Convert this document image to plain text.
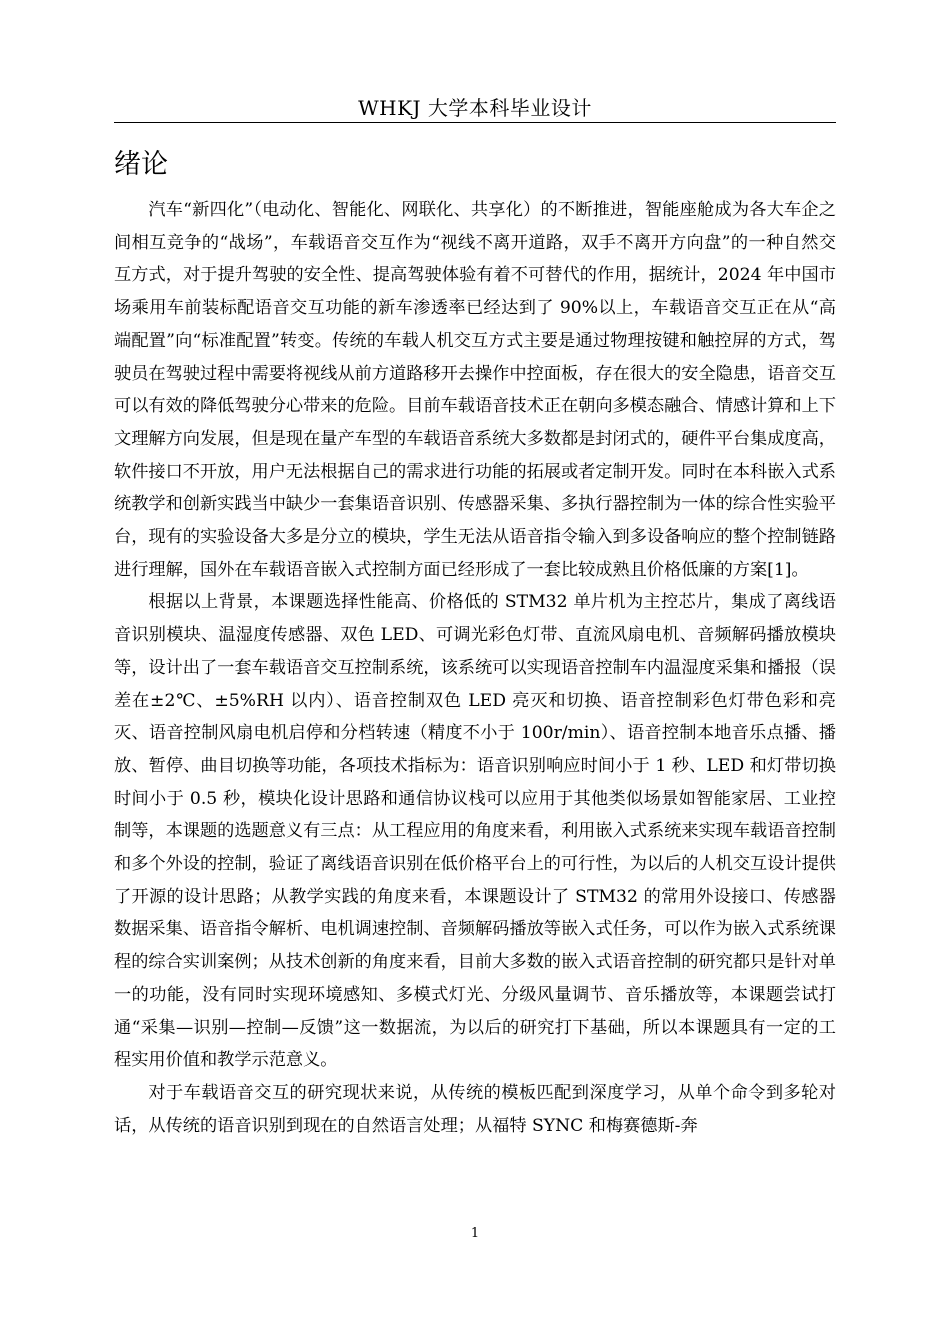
WHKJ 大学本科毕业设计
绪论

汽车“新四化”（电动化、智能化、网联化、共享化）的不断推进，智能座舱成为各大车企之间相互竞争的“战场”，车载语音交互作为“视线不离开道路，双手不离开方向盘”的一种自然交互方式，对于提升驾驶的安全性、提高驾驶体验有着不可替代的作用，据统计，2024 年中国市场乘用车前装标配语音交互功能的新车渗透率已经达到了 90%以上，车载语音交互正在从“高端配置”向“标准配置”转变。传统的车载人机交互方式主要是通过物理按键和触控屏的方式，驾驶员在驾驶过程中需要将视线从前方道路移开去操作中控面板，存在很大的安全隐患，语音交互可以有效的降低驾驶分心带来的危险。目前车载语音技术正在朝向多模态融合、情感计算和上下文理解方向发展，但是现在量产车型的车载语音系统大多数都是封闭式的，硬件平台集成度高，软件接口不开放，用户无法根据自己的需求进行功能的拓展或者定制开发。同时在本科嵌入式系统教学和创新实践当中缺少一套集语音识别、传感器采集、多执行器控制为一体的综合性实验平台，现有的实验设备大多是分立的模块，学生无法从语音指令输入到多设备响应的整个控制链路进行理解，国外在车载语音嵌入式控制方面已经形成了一套比较成熟且价格低廉的方案[1]。

根据以上背景，本课题选择性能高、价格低的 STM32 单片机为主控芯片，集成了离线语音识别模块、温湿度传感器、双色 LED、可调光彩色灯带、直流风扇电机、音频解码播放模块等，设计出了一套车载语音交互控制系统，该系统可以实现语音控制车内温湿度采集和播报（误差在±2℃、±5%RH 以内）、语音控制双色 LED 亮灭和切换、语音控制彩色灯带色彩和亮灭、语音控制风扇电机启停和分档转速（精度不小于 100r/min）、语音控制本地音乐点播、播放、暂停、曲目切换等功能，各项技术指标为：语音识别响应时间小于 1 秒、LED 和灯带切换时间小于 0.5 秒，模块化设计思路和通信协议栈可以应用于其他类似场景如智能家居、工业控制等，本课题的选题意义有三点：从工程应用的角度来看，利用嵌入式系统来实现车载语音控制和多个外设的控制，验证了离线语音识别在低价格平台上的可行性，为以后的人机交互设计提供了开源的设计思路；从教学实践的角度来看，本课题设计了 STM32 的常用外设接口、传感器数据采集、语音指令解析、电机调速控制、音频解码播放等嵌入式任务，可以作为嵌入式系统课程的综合实训案例；从技术创新的角度来看，目前大多数的嵌入式语音控制的研究都只是针对单一的功能，没有同时实现环境感知、多模式灯光、分级风量调节、音乐播放等，本课题尝试打通“采集—识别—控制—反馈”这一数据流，为以后的研究打下基础，所以本课题具有一定的工程实用价值和教学示范意义。

对于车载语音交互的研究现状来说，从传统的模板匹配到深度学习，从单个命令到多轮对话，从传统的语音识别到现在的自然语言处理；从福特 SYNC 和梅赛德斯-奔

1
